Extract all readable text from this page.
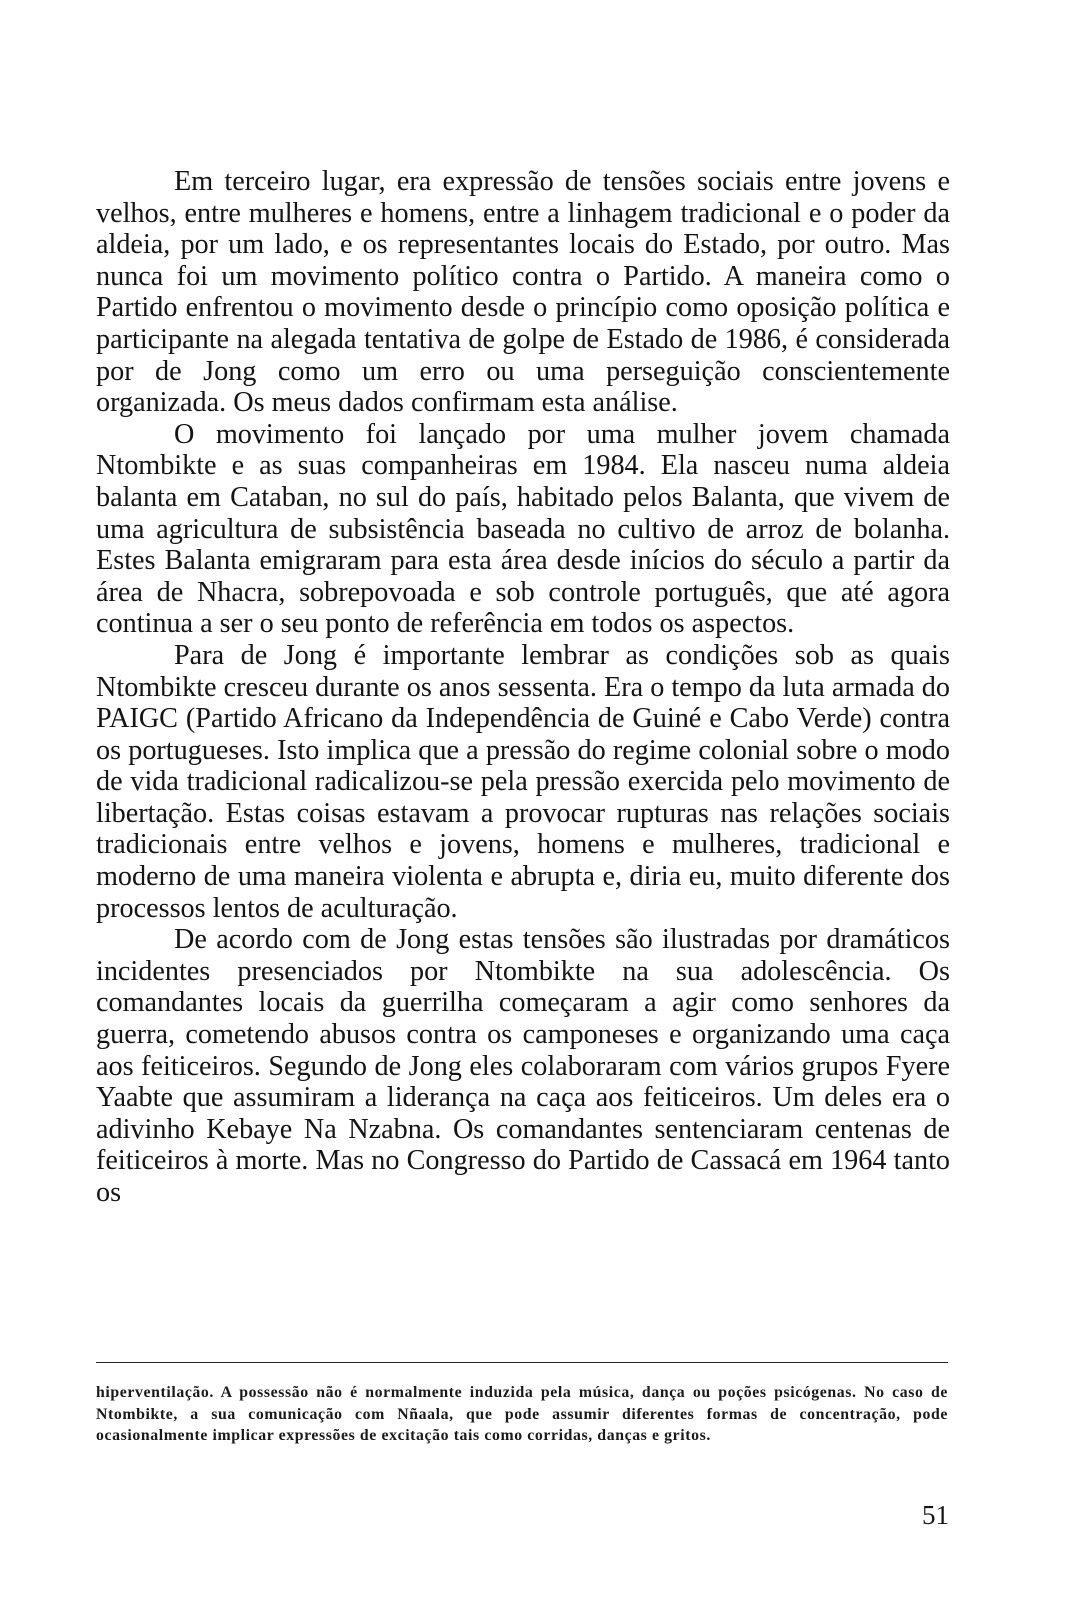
Em terceiro lugar, era expressão de tensões sociais entre jovens e velhos, entre mulheres e homens, entre a linhagem tradicional e o poder da aldeia, por um lado, e os representantes locais do Estado, por outro. Mas nunca foi um movimento político contra o Partido. A maneira como o Partido enfrentou o movimento desde o princípio como oposição política e participante na alegada tentativa de golpe de Estado de 1986, é considerada por de Jong como um erro ou uma perseguição conscientemente organizada. Os meus dados confirmam esta análise.

O movimento foi lançado por uma mulher jovem chamada Ntombikte e as suas companheiras em 1984. Ela nasceu numa aldeia balanta em Cataban, no sul do país, habitado pelos Balanta, que vivem de uma agricultura de subsistência baseada no cultivo de arroz de bolanha. Estes Balanta emigraram para esta área desde inícios do século a partir da área de Nhacra, sobrepovoada e sob controle português, que até agora continua a ser o seu ponto de referência em todos os aspectos.

Para de Jong é importante lembrar as condições sob as quais Ntombikte cresceu durante os anos sessenta. Era o tempo da luta armada do PAIGC (Partido Africano da Independência de Guiné e Cabo Verde) contra os portugueses. Isto implica que a pressão do regime colonial sobre o modo de vida tradicional radicalizou-se pela pressão exercida pelo movimento de libertação. Estas coisas estavam a provocar rupturas nas relações sociais tradicionais entre velhos e jovens, homens e mulheres, tradicional e moderno de uma maneira violenta e abrupta e, diria eu, muito diferente dos processos lentos de aculturação.

De acordo com de Jong estas tensões são ilustradas por dramáticos incidentes presenciados por Ntombikte na sua adolescência. Os comandantes locais da guerrilha começaram a agir como senhores da guerra, cometendo abusos contra os camponeses e organizando uma caça aos feiticeiros. Segundo de Jong eles colaboraram com vários grupos Fyere Yaabte que assumiram a liderança na caça aos feiticeiros. Um deles era o adivinho Kebaye Na Nzabna. Os comandantes sentenciaram centenas de feiticeiros à morte. Mas no Congresso do Partido de Cassacá em 1964 tanto os

hiperventilação. A possessão não é normalmente induzida pela música, dança ou poções psicógenas. No caso de Ntombikte, a sua comunicação com Nñaala, que pode assumir diferentes formas de concentração, pode ocasionalmente implicar expressões de excitação tais como corridas, danças e gritos.
51
